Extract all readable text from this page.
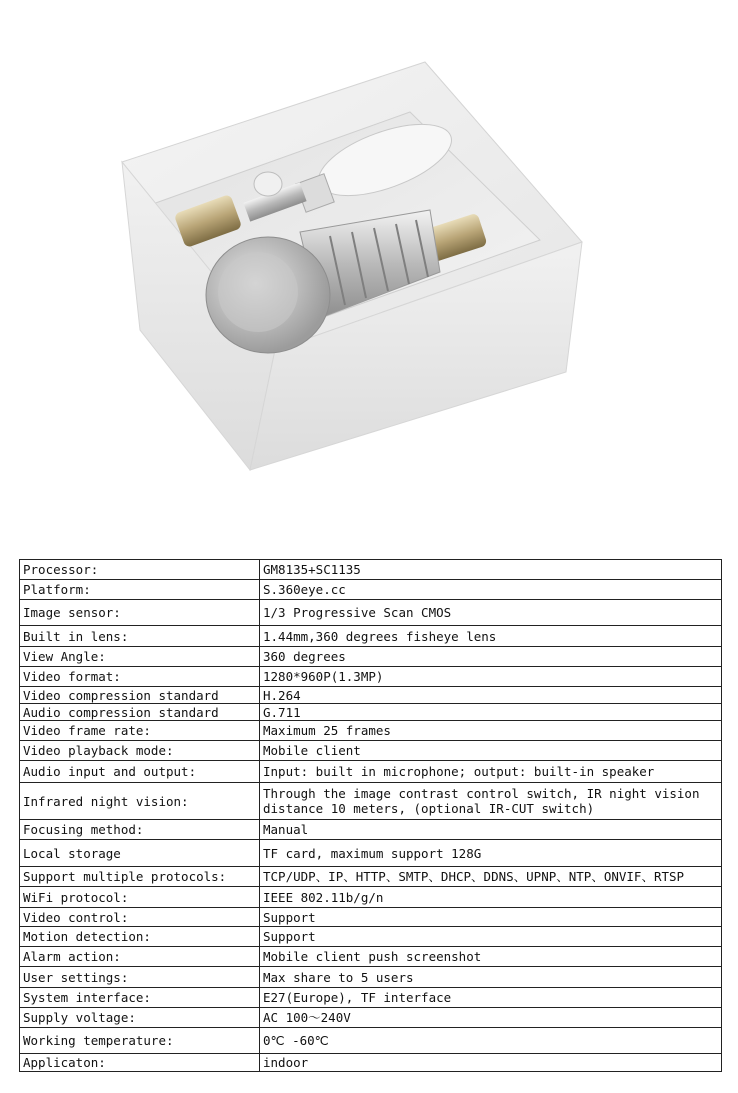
Processor:	GM8135+SC1135
Platform:	S.360eye.cc
Image sensor:	1/3 Progressive Scan CMOS
Built in lens:	1.44mm,360 degrees fisheye lens
View Angle:	360 degrees
Video format:	1280*960P(1.3MP)
Video compression standard	H.264
Audio compression standard	G.711
Video frame rate:	Maximum 25 frames
Video playback mode:	Mobile client
Audio input and output:	Input: built in microphone; output: built-in speaker
Infrared night vision:	Through the image contrast control switch, IR night vision distance 10 meters, (optional IR-CUT switch)
Focusing method:	Manual
Local storage	TF card, maximum support 128G
Support multiple protocols:	TCP/UDP、IP、HTTP、SMTP、DHCP、DDNS、UPNP、NTP、ONVIF、RTSP
WiFi protocol:	IEEE 802.11b/g/n
Video control:	Support
Motion detection:	Support
Alarm action:	Mobile client push screenshot
User settings:	Max share to 5 users
System interface:	E27(Europe), TF interface
Supply voltage:	AC 100～240V
Working temperature:	0℃ -60℃
Applicaton:	indoor
